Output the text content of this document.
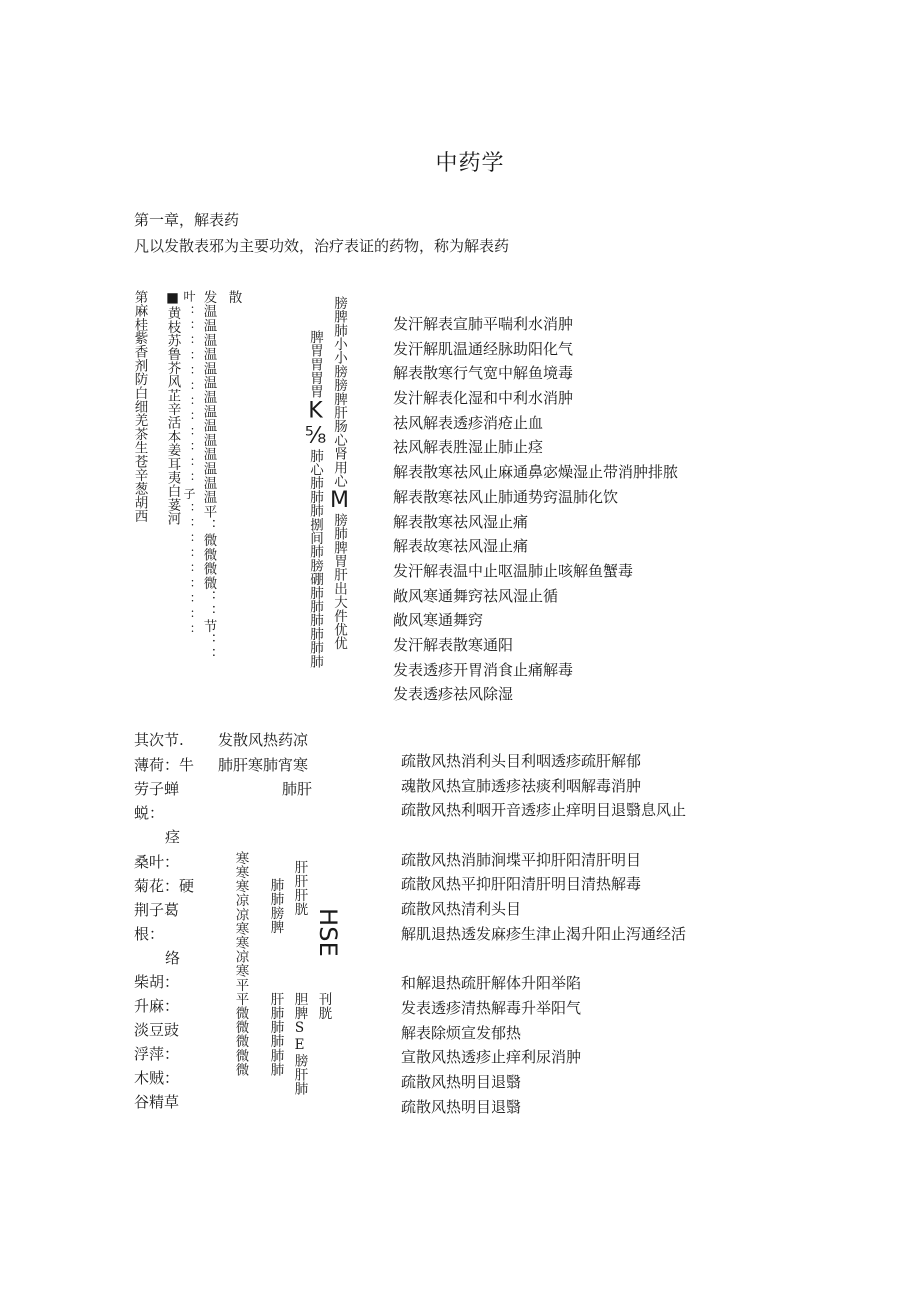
中药学
第一章，解表药
凡以发散表邪为主要功效，治疗表证的药物，称为解表药
第麻桂紫香剂防白细羌茶生苍辛葱胡西 ■黄枝苏鲁芥风芷辛活本姜耳夷白荽河 叶：：：：：：：：：：：：子：：：：：：：：： 发温温温温温温温温温温温温温温平：微微微微：：节：： 散	膀脾肺小小膀膀脾肝肠心肾用心M膀肺脾胃肝出大件优优
脾胃胃胃胃K⅝肺心肺肺肺捌间肺膀硼肺肺肺肺肺肺
发汗解表宣肺平喘利水消肿
发汗解肌温通经脉助阳化气
解表散寒行气宽中解鱼境毒
发汁解表化湿和中利水消肿
祛风解表透疹消疮止血
祛风解表胜湿止肺止痉
解表散寒祛风止麻通鼻宓燥湿止带消肿排脓
解表散寒祛风止肺通势窍温肺化饮
解表散寒祛风湿止痛
解表故寒祛风湿止痛
发汗解表温中止呕温肺止咳解鱼蟹毒
敞风寒通舞窍祛风湿止循
敞风寒通舞窍
发汗解表散寒通阳
发表透疹开胃消食止痛解毒
发表透疹祛风除湿
其次节. 发散风热药凉
薄荷：牛
劳子蝉
蜕：
痉
肺肝寒肺宵寒
肺肝
桑叶：
菊花：硬
荆子葛
根：
络
柴胡：
升麻：
淡豆豉
浮萍：
木贼：
谷精草
寒寒寒凉凉寒寒凉寒平平微微微微微 肺肺膀脾 肝肝肝胱
HSE
肝肺肺肺肺肺 胆脾SE膀肝肺 刊胱
疏散风热消利头目利咽透疹疏肝解郁
魂散风热宣肺透疹祛痰利咽解毒消肿
疏散风热利咽开音透疹止痒明目退翳息风止
疏散风热消肺涧堞平抑肝阳清肝明目
疏散风热平抑肝阳清肝明目清热解毒
疏散风热清利头目
解肌退热透发麻疹生津止渴升阳止泻通经活
和解退热疏肝解体升阳举陷
发表透疹清热解毒升举阳气
解表除烦宣发郁热
宣散风热透疹止痒利尿消肿
疏散风热明目退翳
疏散风热明目退翳
